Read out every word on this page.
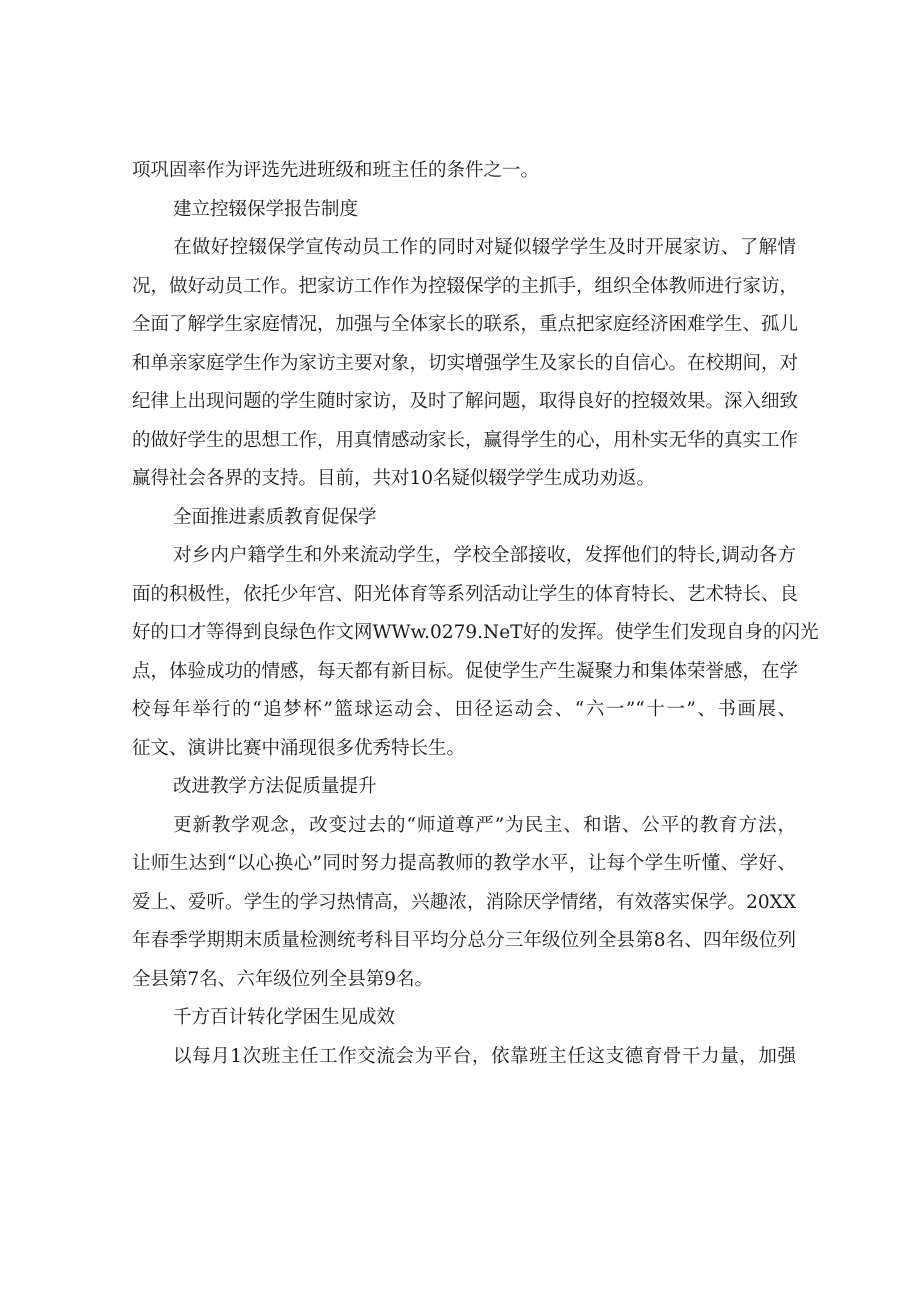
项巩固率作为评选先进班级和班主任的条件之一。
建立控辍保学报告制度
在做好控辍保学宣传动员工作的同时对疑似辍学学生及时开展家访、了解情
况，做好动员工作。把家访工作作为控辍保学的主抓手，组织全体教师进行家访，
全面了解学生家庭情况，加强与全体家长的联系，重点把家庭经济困难学生、孤儿
和单亲家庭学生作为家访主要对象，切实增强学生及家长的自信心。在校期间，对
纪律上出现问题的学生随时家访，及时了解问题，取得良好的控辍效果。深入细致
的做好学生的思想工作，用真情感动家长，赢得学生的心，用朴实无华的真实工作
赢得社会各界的支持。目前，共对10名疑似辍学学生成功劝返。
全面推进素质教育促保学
对乡内户籍学生和外来流动学生，学校全部接收，发挥他们的特长,调动各方
面的积极性，依托少年宫、阳光体育等系列活动让学生的体育特长、艺术特长、良
好的口才等得到良绿色作文网WWw.0279.NeT好的发挥。使学生们发现自身的闪光
点，体验成功的情感，每天都有新目标。促使学生产生凝聚力和集体荣誉感，在学
校每年举行的“追梦杯”篮球运动会、田径运动会、“六一”“十一”、书画展、
征文、演讲比赛中涌现很多优秀特长生。
改进教学方法促质量提升
更新教学观念，改变过去的“师道尊严”为民主、和谐、公平的教育方法，
让师生达到“以心换心”同时努力提高教师的教学水平，让每个学生听懂、学好、
爱上、爱听。学生的学习热情高，兴趣浓，消除厌学情绪，有效落实保学。20XX
年春季学期期末质量检测统考科目平均分总分三年级位列全县第8名、四年级位列
全县第7名、六年级位列全县第9名。
千方百计转化学困生见成效
以每月1次班主任工作交流会为平台，依靠班主任这支德育骨干力量，加强
